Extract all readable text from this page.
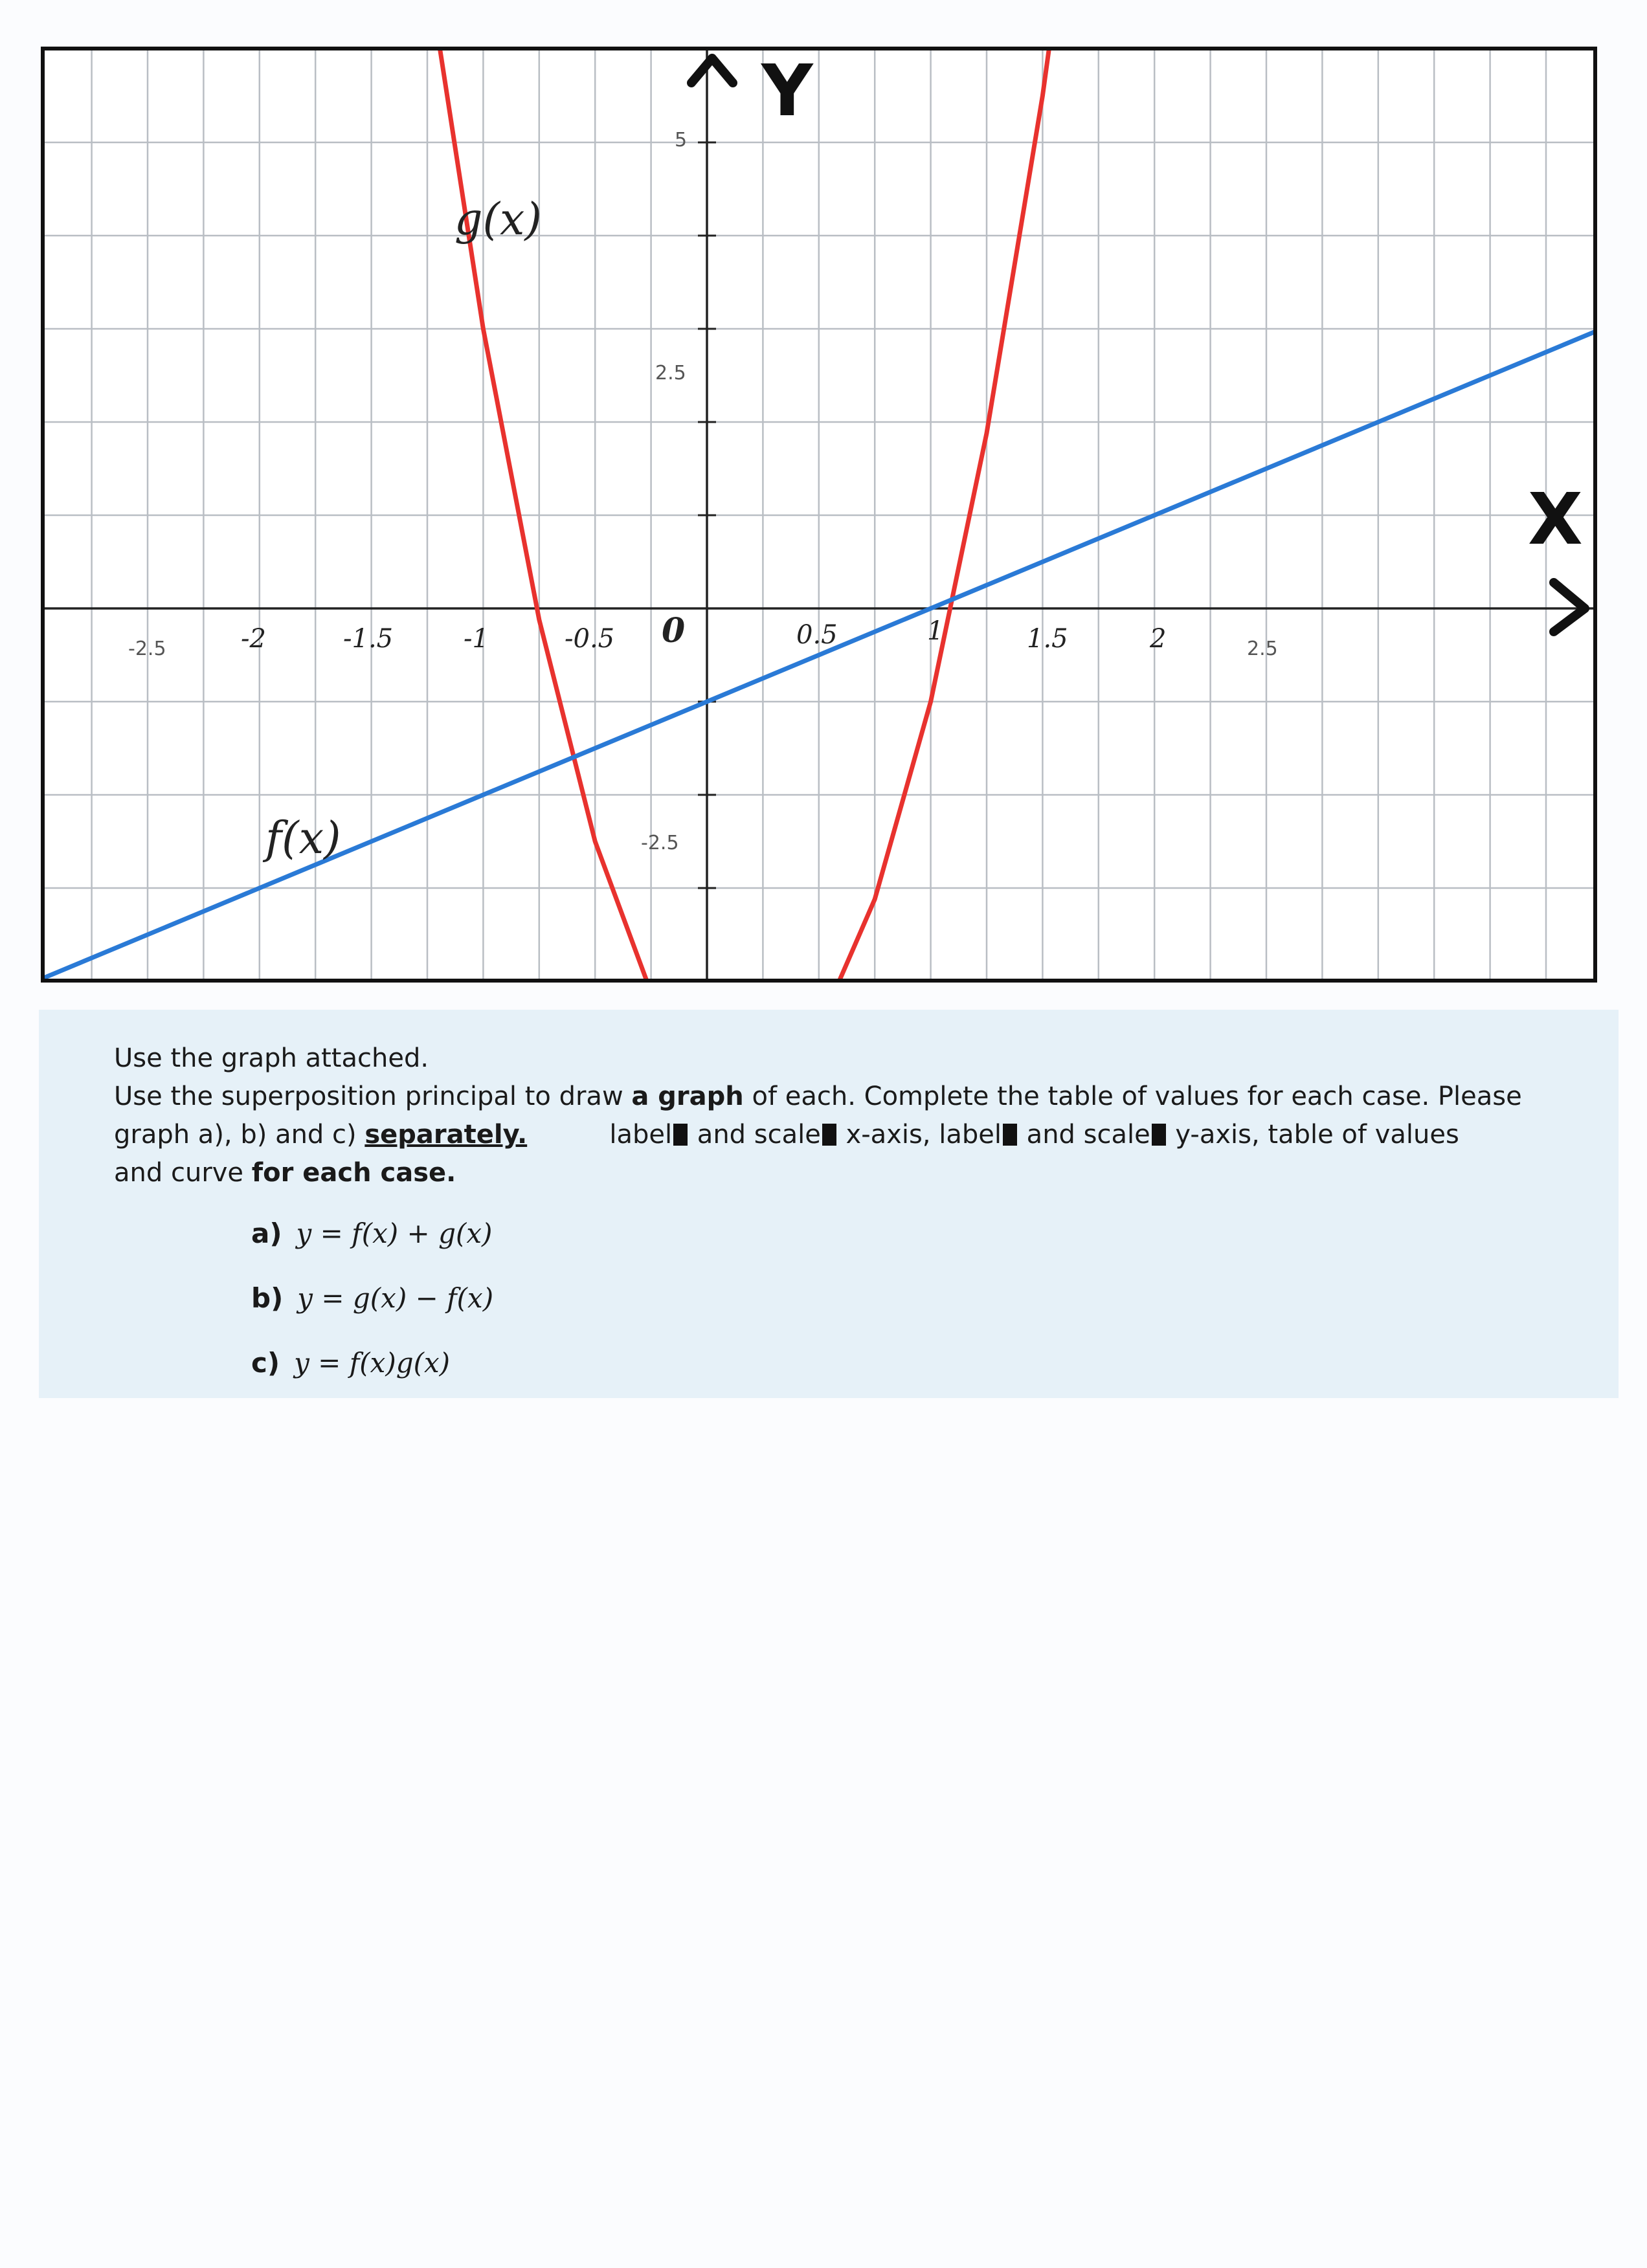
-2.5	2.5
5
2.5
-2.5
-2	-1.5	-1	-0.5 0	0.5	1	1.5	2
g(x)
f(x)
Y
X

Use the graph attached.

Use the superposition principal to draw a graph of each. Complete the table of values for each case. Please

graph a), b) and c) separately.	label and scale x-axis, label and scale y-axis, table of values

and curve for each case.

a) y = f(x) + g(x)
b) y = g(x) − f(x)
c) y = f(x)g(x)
